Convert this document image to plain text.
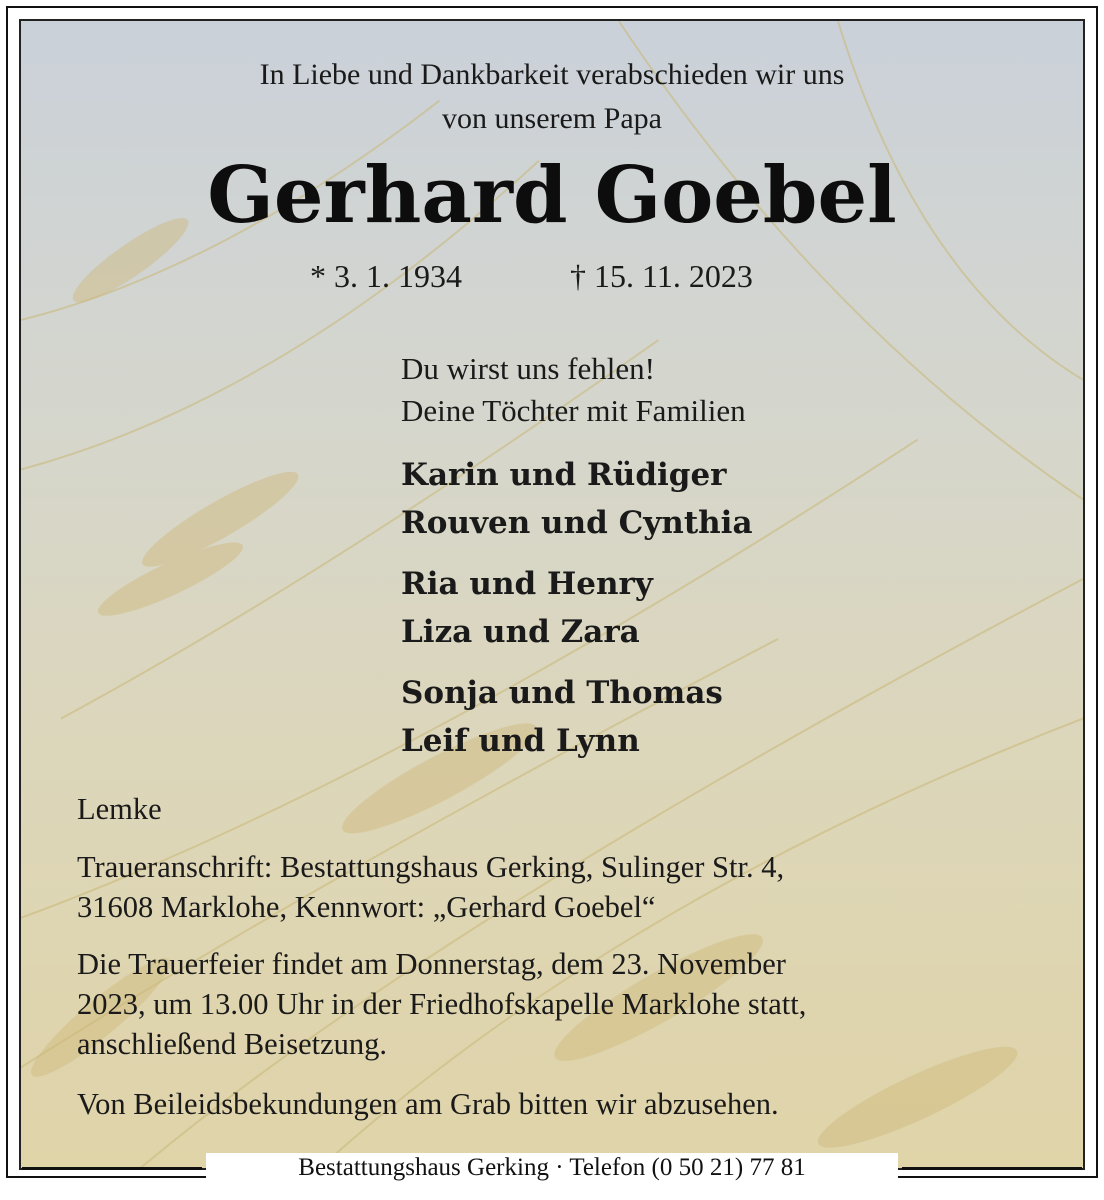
In Liebe und Dankbarkeit verabschieden wir uns
von unserem Papa
Gerhard Goebel
* 3. 1. 1934	† 15. 11. 2023
Du wirst uns fehlen!
Deine Töchter mit Familien
Karin und Rüdiger
Rouven und Cynthia
Ria und Henry
Liza und Zara
Sonja und Thomas
Leif und Lynn
Lemke
Traueranschrift: Bestattungshaus Gerking, Sulinger Str. 4,
31608 Marklohe, Kennwort: „Gerhard Goebel“
Die Trauerfeier findet am Donnerstag, dem 23. November
2023, um 13.00 Uhr in der Friedhofskapelle Marklohe statt,
anschließend Beisetzung.
Von Beileidsbekundungen am Grab bitten wir abzusehen.
Bestattungshaus Gerking · Telefon (0 50 21) 77 81
